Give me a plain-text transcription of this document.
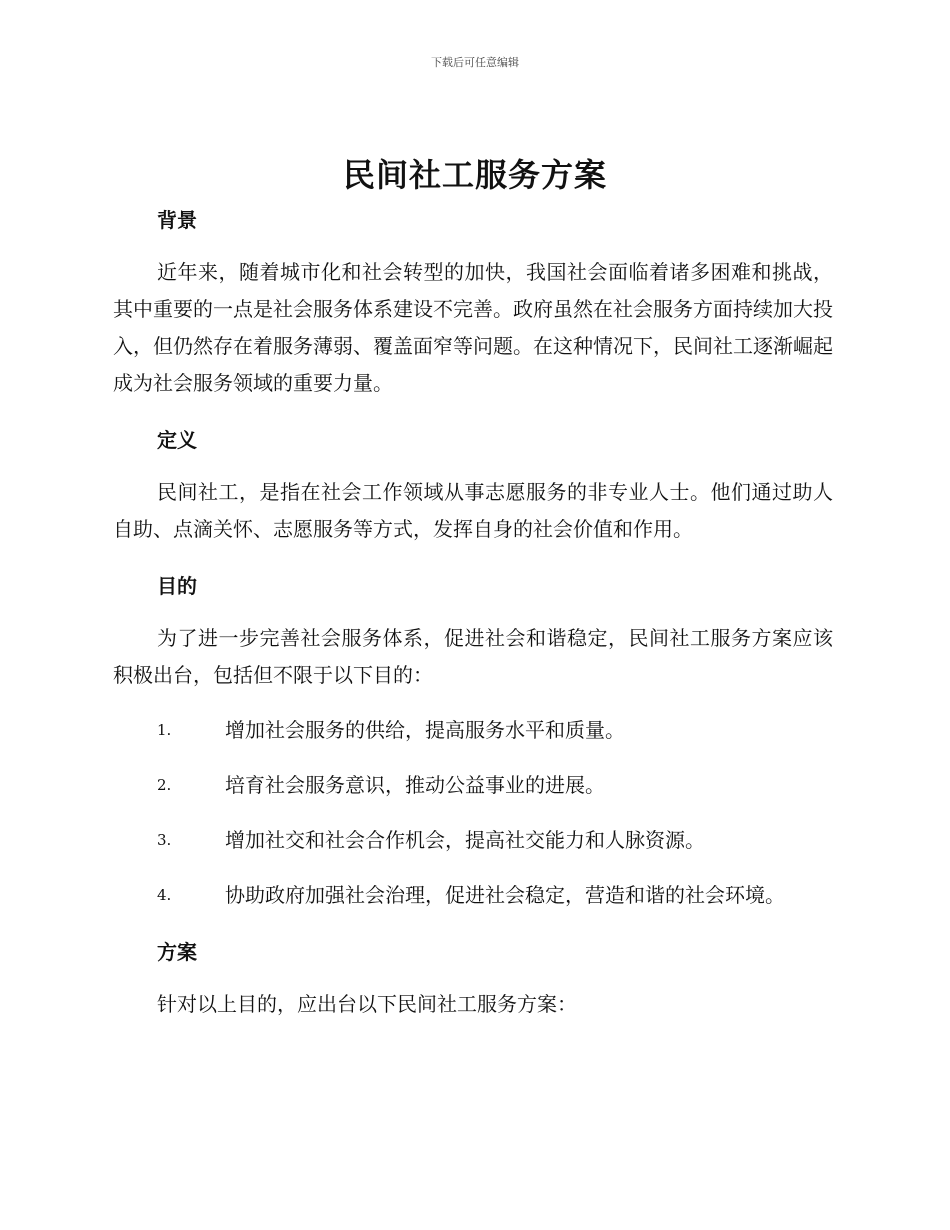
下载后可任意编辑
民间社工服务方案
背景

近年来，随着城市化和社会转型的加快，我国社会面临着诸多困难和挑战，其中重要的一点是社会服务体系建设不完善。政府虽然在社会服务方面持续加大投入，但仍然存在着服务薄弱、覆盖面窄等问题。在这种情况下，民间社工逐渐崛起成为社会服务领域的重要力量。

定义

民间社工，是指在社会工作领域从事志愿服务的非专业人士。他们通过助人自助、点滴关怀、志愿服务等方式，发挥自身的社会价值和作用。

目的

为了进一步完善社会服务体系，促进社会和谐稳定，民间社工服务方案应该积极出台，包括但不限于以下目的：

1.	增加社会服务的供给，提高服务水平和质量。
2.	培育社会服务意识，推动公益事业的进展。
3.	增加社交和社会合作机会，提高社交能力和人脉资源。
4.	协助政府加强社会治理，促进社会稳定，营造和谐的社会环境。
方案

针对以上目的，应出台以下民间社工服务方案：
